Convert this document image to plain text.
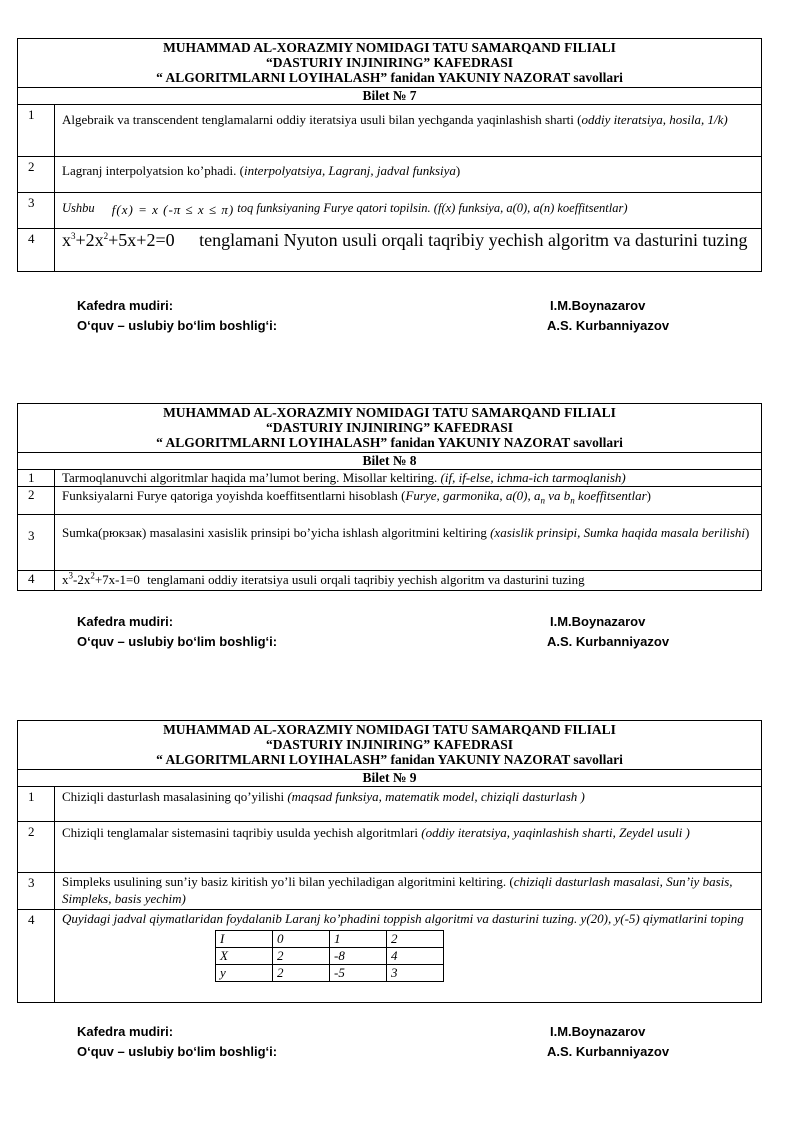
MUHAMMAD AL-XORAZMIY NOMIDAGI TATU SAMARQAND FILIALI
“DASTURIY INJINIRING” KAFEDRASI
“ ALGORITMLARNI LOYIHALASH” fanidan YAKUNIY NAZORAT savollari
Bilet № 7
1	Algebraik va transcendent tenglamalarni oddiy iteratsiya usuli bilan yechganda yaqinlashish sharti (oddiy iteratsiya, hosila, 1/k)
2	Lagranj interpolyatsion ko’phadi. (interpolyatsiya, Lagranj, jadval funksiya)
3	Ushbu f(x) = x (-π ≤ x ≤ π) toq funksiyaning Furye qatori topilsin. (f(x) funksiya, a(0), a(n) koeffitsentlar)
4	$x^3+2x^2+5x+2=0$ tenglamani Nyuton usuli orqali taqribiy yechish algoritm va dasturini tuzing
Kafedra mudiri:	I.M.Boynazarov
O‘quv – uslubiy bo‘lim boshlig‘i:	A.S. Kurbanniyazov
MUHAMMAD AL-XORAZMIY NOMIDAGI TATU SAMARQAND FILIALI
“DASTURIY INJINIRING” KAFEDRASI
“ ALGORITMLARNI LOYIHALASH” fanidan YAKUNIY NAZORAT savollari
Bilet № 8
1	Tarmoqlanuvchi algoritmlar haqida ma’lumot bering. Misollar keltiring. (if, if-else, ichma-ich tarmoqlanish)
2	Funksiyalarni Furye qatoriga yoyishda koeffitsentlarni hisoblash (Furye, garmonika, a(0), $a_n$ va $b_n$ koeffitsentlar)
3	Sumka(рюкзак) masalasini xasislik prinsipi bo’yicha ishlash algoritmini keltiring (xasislik prinsipi, Sumka haqida masala berilishi)
4	$x^3-2x^2+7x-1=0$ tenglamani oddiy iteratsiya usuli orqali taqribiy yechish algoritm va dasturini tuzing
Kafedra mudiri:	I.M.Boynazarov
O‘quv – uslubiy bo‘lim boshlig‘i:	A.S. Kurbanniyazov
MUHAMMAD AL-XORAZMIY NOMIDAGI TATU SAMARQAND FILIALI
“DASTURIY INJINIRING” KAFEDRASI
“ ALGORITMLARNI LOYIHALASH” fanidan YAKUNIY NAZORAT savollari
Bilet № 9
1	Chiziqli dasturlash masalasining qo’yilishi (maqsad funksiya, matematik model, chiziqli dasturlash )
2	Chiziqli tenglamalar sistemasini taqribiy usulda yechish algoritmlari (oddiy iteratsiya, yaqinlashish sharti, Zeydel usuli )
3	Simpleks usulining sun’iy basiz kiritish yo’li bilan yechiladigan algoritmini keltiring. (chiziqli dasturlash masalasi, Sun’iy basis, Simpleks, basis yechim)
4	Quyidagi jadval qiymatlaridan foydalanib Laranj ko’phadini toppish algoritmi va dasturini tuzing. y(20), y(-5) qiymatlarini toping
I	0	1	2
X	2	-8	4
y	2	-5	3
Kafedra mudiri:	I.M.Boynazarov
O‘quv – uslubiy bo‘lim boshlig‘i:	A.S. Kurbanniyazov
